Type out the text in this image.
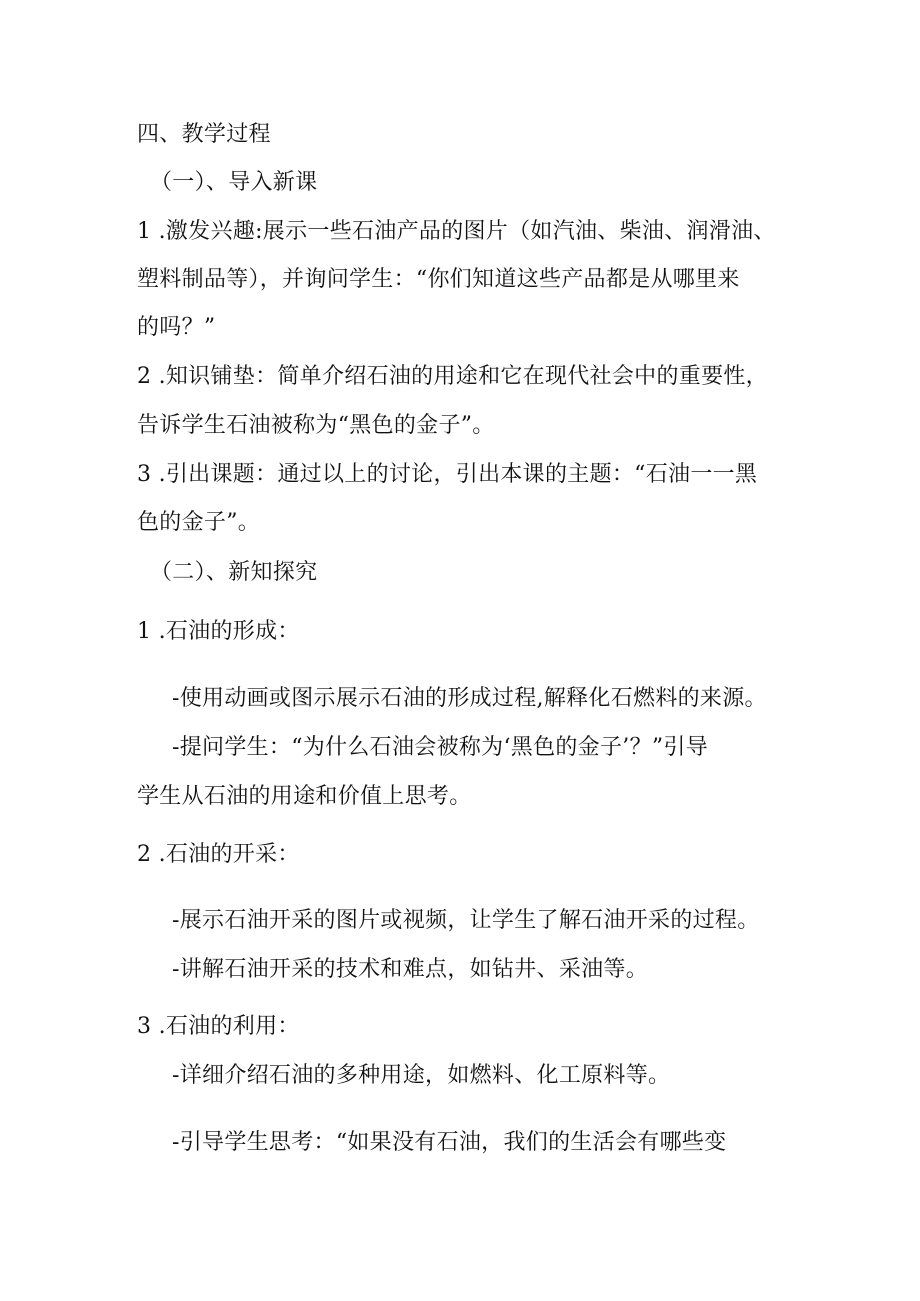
四、教学过程
（一）、导入新课
1 .激发兴趣:展示一些石油产品的图片（如汽油、柴油、润滑油、
塑料制品等），并询问学生：“你们知道这些产品都是从哪里来
的吗？”
2 .知识铺垫：简单介绍石油的用途和它在现代社会中的重要性，
告诉学生石油被称为“黑色的金子”。
3 .引出课题：通过以上的讨论，引出本课的主题：“石油一一黑
色的金子”。
（二）、新知探究
1 .石油的形成：
-使用动画或图示展示石油的形成过程,解释化石燃料的来源。
-提问学生：“为什么石油会被称为‘黑色的金子’？”引导
学生从石油的用途和价值上思考。
2 .石油的开采：
-展示石油开采的图片或视频，让学生了解石油开采的过程。
-讲解石油开采的技术和难点，如钻井、采油等。
3 .石油的利用：
-详细介绍石油的多种用途，如燃料、化工原料等。
-引导学生思考：“如果没有石油，我们的生活会有哪些变
